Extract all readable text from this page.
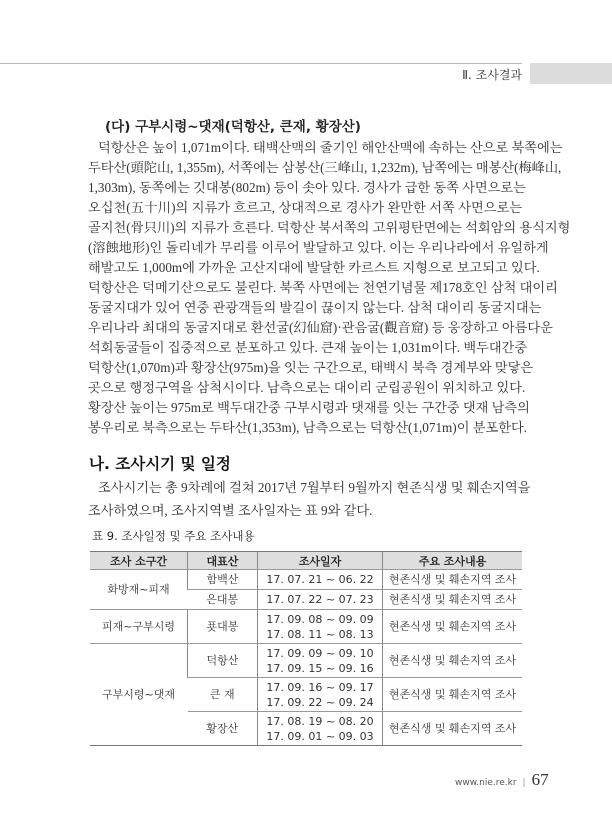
Ⅱ. 조사결과
(다) 구부시령~댓재(덕항산, 큰재, 황장산)
덕항산은 높이 1,071m이다. 태백산맥의 줄기인 해안산맥에 속하는 산으로 북쪽에는
두타산(頭陀山, 1,355m), 서쪽에는 삼봉산(三峰山, 1,232m), 남쪽에는 매봉산(梅峰山,
1,303m), 동쪽에는 깃대봉(802m) 등이 솟아 있다. 경사가 급한 동쪽 사면으로는
오십천(五十川)의 지류가 흐르고, 상대적으로 경사가 완만한 서쪽 사면으로는
골지천(骨只川)의 지류가 흐른다. 덕항산 북서쪽의 고위평탄면에는 석회암의 용식지형
(溶蝕地形)인 돌리네가 무리를 이루어 발달하고 있다. 이는 우리나라에서 유일하게
해발고도 1,000m에 가까운 고산지대에 발달한 카르스트 지형으로 보고되고 있다.
덕항산은 덕메기산으로도 불린다. 북쪽 사면에는 천연기념물 제178호인 삼척 대이리
동굴지대가 있어 연중 관광객들의 발길이 끊이지 않는다. 삼척 대이리 동굴지대는
우리나라 최대의 동굴지대로 환선굴(幻仙窟)·관음굴(觀音窟) 등 웅장하고 아름다운
석회동굴들이 집중적으로 분포하고 있다. 큰재 높이는 1,031m이다. 백두대간중
덕항산(1,070m)과 황장산(975m)을 잇는 구간으로, 태백시 북측 경계부와 맞닿은
곳으로 행정구역을 삼척시이다. 남측으로는 대이리 군립공원이 위치하고 있다.
황장산 높이는 975m로 백두대간중 구부시령과 댓재를 잇는 구간중 댓재 남측의
봉우리로 북측으로는 두타산(1,353m), 남측으로는 덕항산(1,071m)이 분포한다.
나. 조사시기 및 일정
조사시기는 총 9차례에 걸쳐 2017년 7월부터 9월까지 현존식생 및 훼손지역을
조사하였으며, 조사지역별 조사일자는 표 9와 같다.
표 9. 조사일정 및 주요 조사내용
조사 소구간	대표산	조사일자	주요 조사내용
화방재~피재	함백산	17. 07. 21 ~ 06. 22	현존식생 및 훼손지역 조사
	은대봉	17. 07. 22 ~ 07. 23	현존식생 및 훼손지역 조사
피재~구부시령	푯대봉	17. 09. 08 ~ 09. 09
17. 08. 11 ~ 08. 13	현존식생 및 훼손지역 조사
구부시령~댓재	덕항산	17. 09. 09 ~ 09. 10
17. 09. 15 ~ 09. 16	현존식생 및 훼손지역 조사
	큰 재	17. 09. 16 ~ 09. 17
17. 09. 22 ~ 09. 24	현존식생 및 훼손지역 조사
	황장산	17. 08. 19 ~ 08. 20
17. 09. 01 ~ 09. 03	현존식생 및 훼손지역 조사
www.nie.re.kr | 67
